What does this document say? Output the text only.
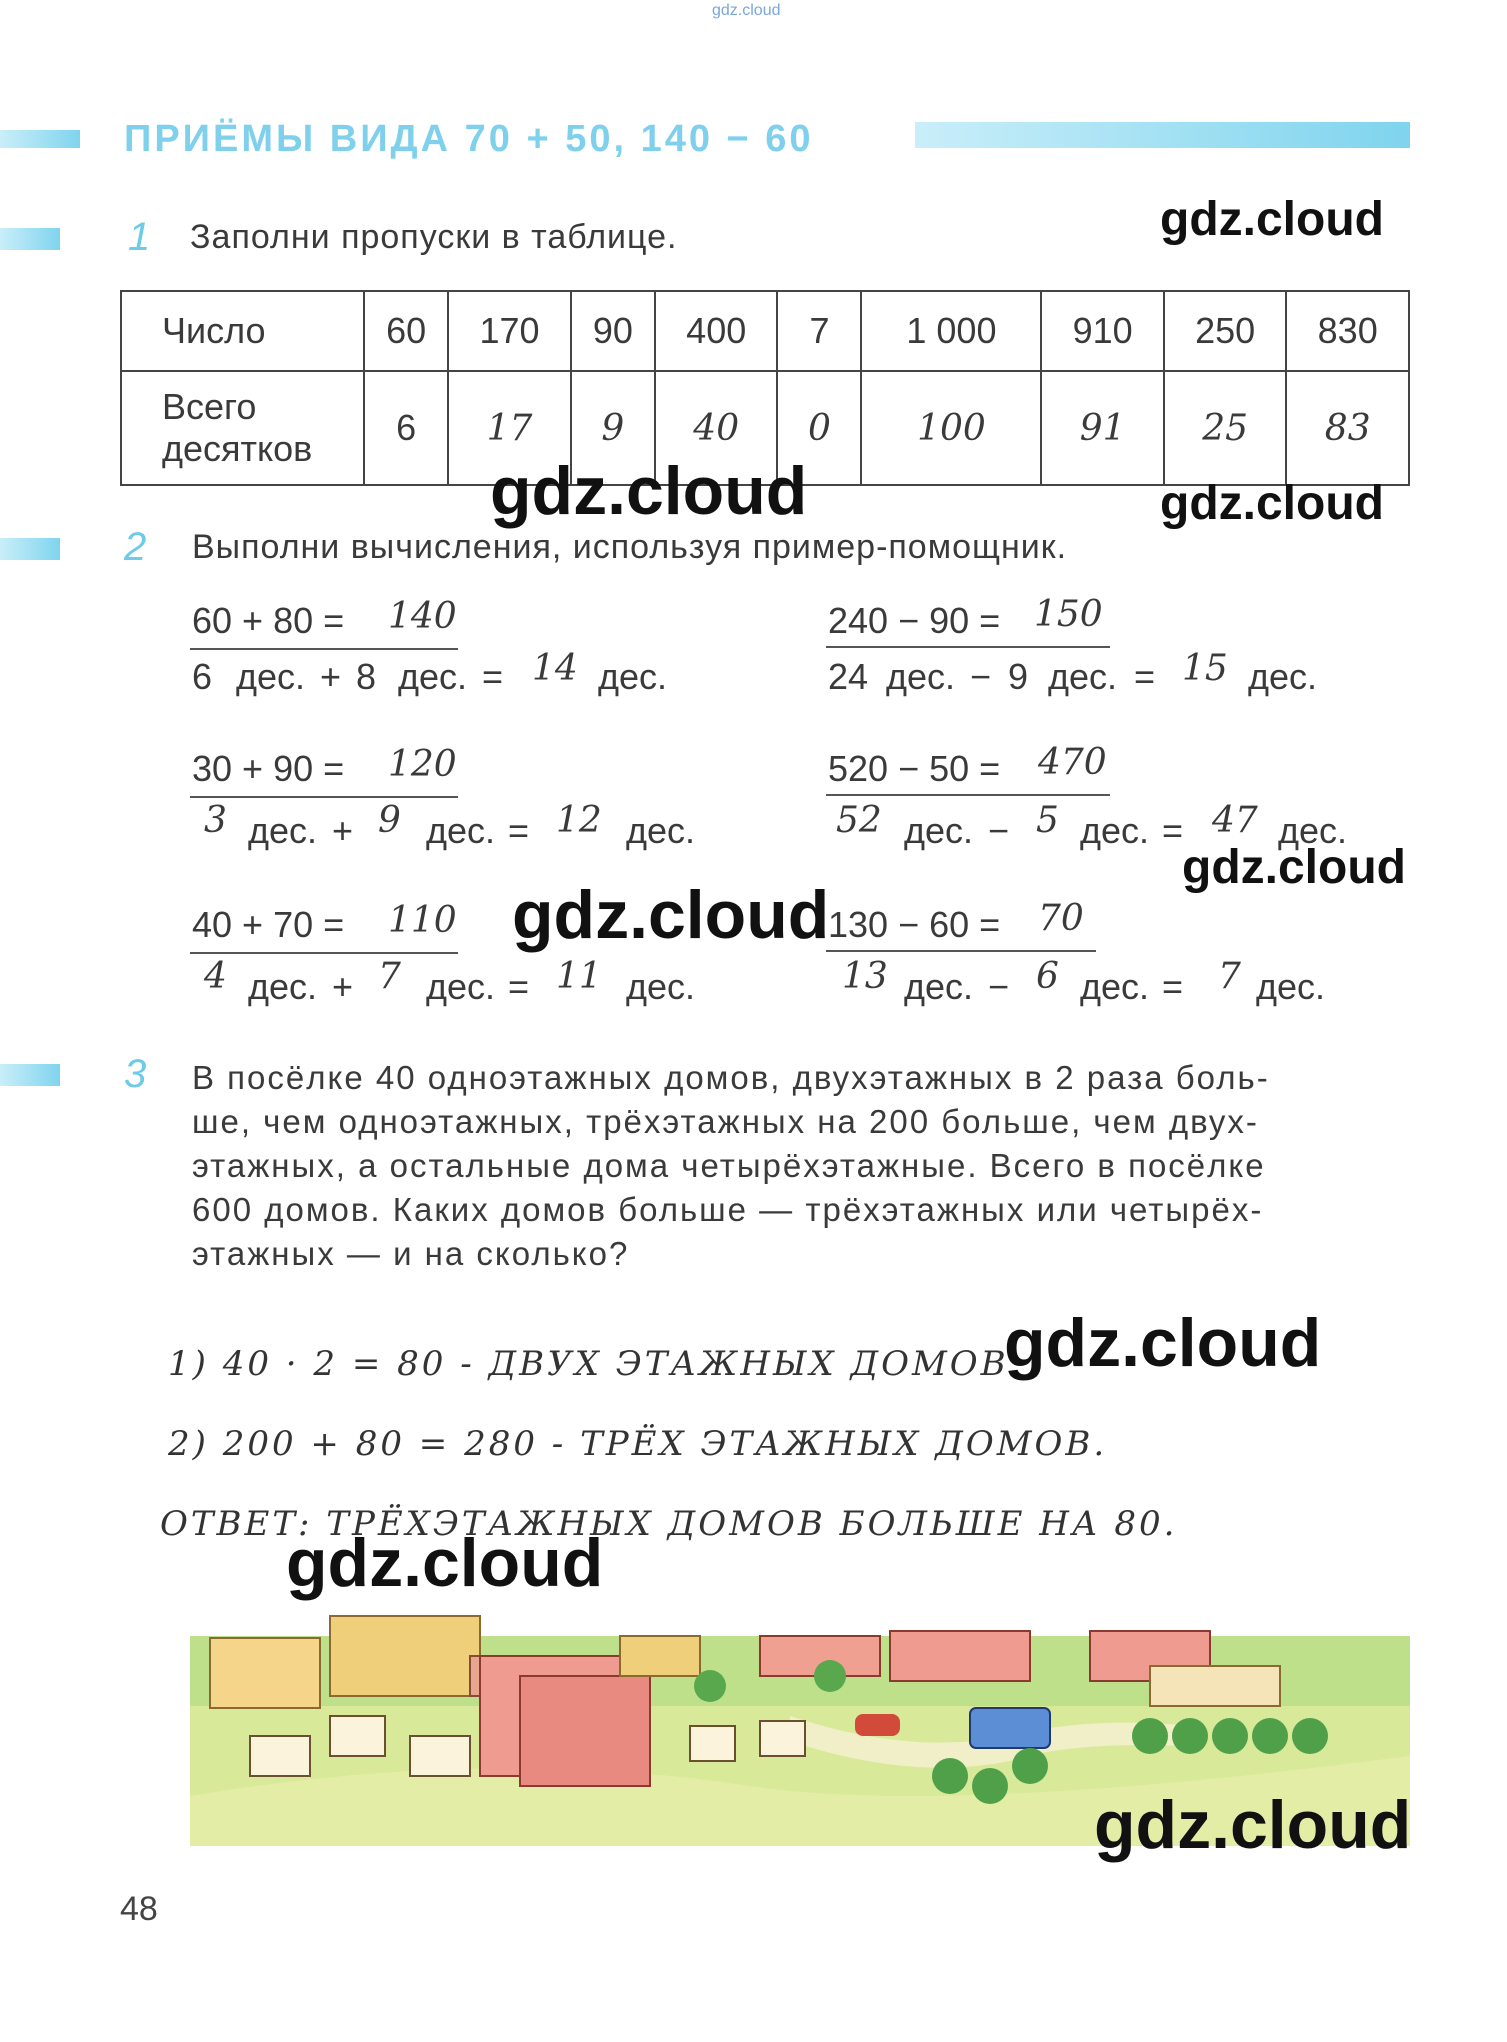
gdz.cloud
ПРИЁМЫ ВИДА 70 + 50, 140 − 60
1 Заполни пропуски в таблице.
Число	60	170	90	400	7	1 000	910	250	830

Всего
десятков	6	17	9	40	0	100	91	25	83
2 Выполни вычисления, используя пример-помощник.
60 + 80 = 140
6 дес. + 8 дес. = 14 дес.
30 + 90 = 120
3 дес. + 9 дес. = 12 дес.
40 + 70 = 110
4 дес. + 7 дес. = 11 дес.
240 − 90 = 150
24 дес. − 9 дес. = 15 дес.
520 − 50 = 470
52 дес. − 5 дес. = 47 дес.
130 − 60 = 70
13 дес. − 6 дес. = 7 дес.
3 В посёлке 40 одноэтажных домов, двухэтажных в 2 раза боль-
ше, чем одноэтажных, трёхэтажных на 200 больше, чем двух-
этажных, а остальные дома четырёхэтажные. Всего в посёлке
600 домов. Каких домов больше — трёхэтажных или четырёх-
этажных — и на сколько?
1) 40 · 2 = 80 - ДВУХ ЭТАЖНЫХ ДОМОВ.
2) 200 + 80 = 280 - ТРЁХ ЭТАЖНЫХ ДОМОВ.
ОТВЕТ: ТРЁХЭТАЖНЫХ ДОМОВ БОЛЬШЕ НА 80.
gdz.cloud
gdz.cloud	gdz.cloud
gdz.cloud
gdz.cloud
gdz.cloud
gdz.cloud
gdz.cloud
48
